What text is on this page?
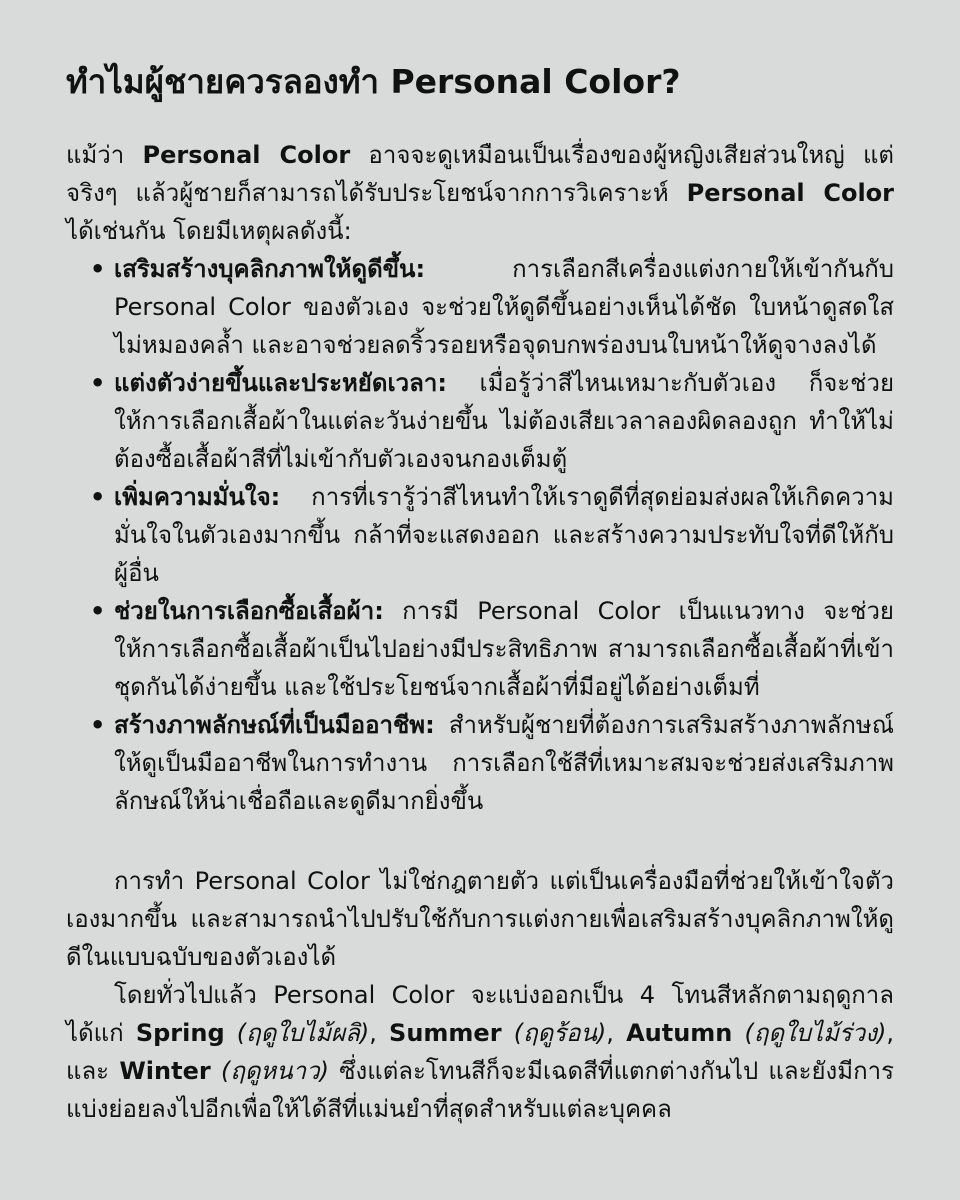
ทำไมผู้ชายควรลองทำ Personal Color?

แม้ว่า Personal Color อาจจะดูเหมือนเป็นเรื่องของผู้หญิงเสียส่วนใหญ่ แต่จริงๆ แล้วผู้ชายก็สามารถได้รับประโยชน์จากการวิเคราะห์ Personal Color ได้เช่นกัน โดยมีเหตุผลดังนี้:

• เสริมสร้างบุคลิกภาพให้ดูดีขึ้น: การเลือกสีเครื่องแต่งกายให้เข้ากันกับ Personal Color ของตัวเอง จะช่วยให้ดูดีขึ้นอย่างเห็นได้ชัด ใบหน้าดูสดใส ไม่หมองคล้ำ และอาจช่วยลดริ้วรอยหรือจุดบกพร่องบนใบหน้าให้ดูจางลงได้
• แต่งตัวง่ายขึ้นและประหยัดเวลา: เมื่อรู้ว่าสีไหนเหมาะกับตัวเอง ก็จะช่วยให้การเลือกเสื้อผ้าในแต่ละวันง่ายขึ้น ไม่ต้องเสียเวลาลองผิดลองถูก ทำให้ไม่ต้องซื้อเสื้อผ้าสีที่ไม่เข้ากับตัวเองจนกองเต็มตู้
• เพิ่มความมั่นใจ: การที่เรารู้ว่าสีไหนทำให้เราดูดีที่สุดย่อมส่งผลให้เกิดความมั่นใจในตัวเองมากขึ้น กล้าที่จะแสดงออก และสร้างความประทับใจที่ดีให้กับผู้อื่น
• ช่วยในการเลือกซื้อเสื้อผ้า: การมี Personal Color เป็นแนวทาง จะช่วยให้การเลือกซื้อเสื้อผ้าเป็นไปอย่างมีประสิทธิภาพ สามารถเลือกซื้อเสื้อผ้าที่เข้าชุดกันได้ง่ายขึ้น และใช้ประโยชน์จากเสื้อผ้าที่มีอยู่ได้อย่างเต็มที่
• สร้างภาพลักษณ์ที่เป็นมืออาชีพ: สำหรับผู้ชายที่ต้องการเสริมสร้างภาพลักษณ์ให้ดูเป็นมืออาชีพในการทำงาน การเลือกใช้สีที่เหมาะสมจะช่วยส่งเสริมภาพลักษณ์ให้น่าเชื่อถือและดูดีมากยิ่งขึ้น

การทำ Personal Color ไม่ใช่กฎตายตัว แต่เป็นเครื่องมือที่ช่วยให้เข้าใจตัวเองมากขึ้น และสามารถนำไปปรับใช้กับการแต่งกายเพื่อเสริมสร้างบุคลิกภาพให้ดูดีในแบบฉบับของตัวเองได้

โดยทั่วไปแล้ว Personal Color จะแบ่งออกเป็น 4 โทนสีหลักตามฤดูกาล ได้แก่ Spring (ฤดูใบไม้ผลิ), Summer (ฤดูร้อน), Autumn (ฤดูใบไม้ร่วง), และ Winter (ฤดูหนาว) ซึ่งแต่ละโทนสีก็จะมีเฉดสีที่แตกต่างกันไป และยังมีการแบ่งย่อยลงไปอีกเพื่อให้ได้สีที่แม่นยำที่สุดสำหรับแต่ละบุคคล
